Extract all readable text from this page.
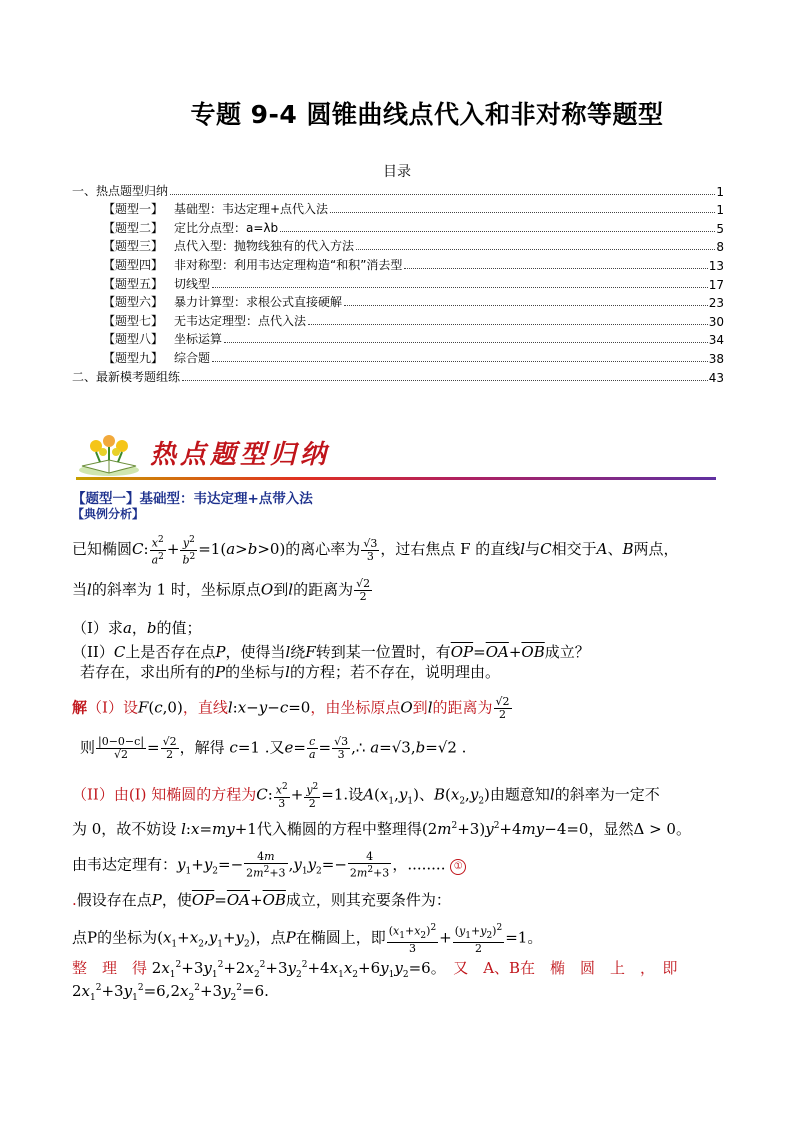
专题 9-4 圆锥曲线点代入和非对称等题型
目录
一、热点题型归纳	1
【题型一】 基础型：韦达定理+点代入法	1
【题型二】 定比分点型：a=λb	5
【题型三】 点代入型：抛物线独有的代入方法	8
【题型四】 非对称型：利用韦达定理构造“和积”消去型	13
【题型五】 切线型	17
【题型六】 暴力计算型：求根公式直接硬解	23
【题型七】 无韦达定理型：点代入法	30
【题型八】 坐标运算	34
【题型九】 综合题	38
二、最新模考题组练	43
热点题型归纳
【题型一】基础型：韦达定理+点带入法
【典例分析】
已知椭圆C: $\frac{x^2}{a^2} + \frac{y^2}{b^2} =1(a>b>0)$的离心率为 $\frac{√3}{3}$ ，过右焦点 F 的直线l与C相交于A、B两点，
当l的斜率为 1 时，坐标原点O到l的距离为 $\frac{√2}{2}$
（I）求a，b的值；
（II）C上是否存在点P，使得当l绕F转到某一位置时，有$\overline{OP}=\overline{OA}+\overline{OB}$成立？
若存在，求出所有的P的坐标与l的方程；若不存在，说明理由。
解（I）设F(c,0)，直线l:x−y−c=0，由坐标原点O到l的距离为 $\frac{√2}{2}$
则 $\frac{|0-0-c|}{√2} = \frac{√2}{2}$ ，解得 c=1 .又$e= \frac{c}{a} = \frac{√3}{3}$ ,∴ a=√3,b=√2 .
（II）由(I) 知椭圆的方程为C: $\frac{x^2}{3} + \frac{y^2}{2} =1$.设$A(x_1,y_1)$、$B(x_2,y_2)$由题意知l的斜率为一定不
为 0，故不妨设 l:x=my+1代入椭圆的方程中整理得$(2m^2+3)y^2+4my-4=0$，显然Δ > 0。
由韦达定理有：$y_1+y_2=- \frac{4m}{2m^2+3} ,y_1y_2=- \frac{4}{2m^2+3}$ ，........ ①
.假设存在点P，使$\overline{OP}=\overline{OA}+\overline{OB}$成立，则其充要条件为：
点P的坐标为$(x_1+x_2,y_1+y_2)$，点P在椭圆上，即 $\frac{(x_1+x_2)^2}{3} + \frac{(y_1+y_2)^2}{2} =1$。
整　理　得 $2x_1^2+3y_1^2+2x_2^2+3y_2^2+4x_1x_2+6y_1y_2=6$。　又　A、B在　椭　圆　上　，　即
$2x_1^2+3y_1^2=6,2x_2^2+3y_2^2=6$.
